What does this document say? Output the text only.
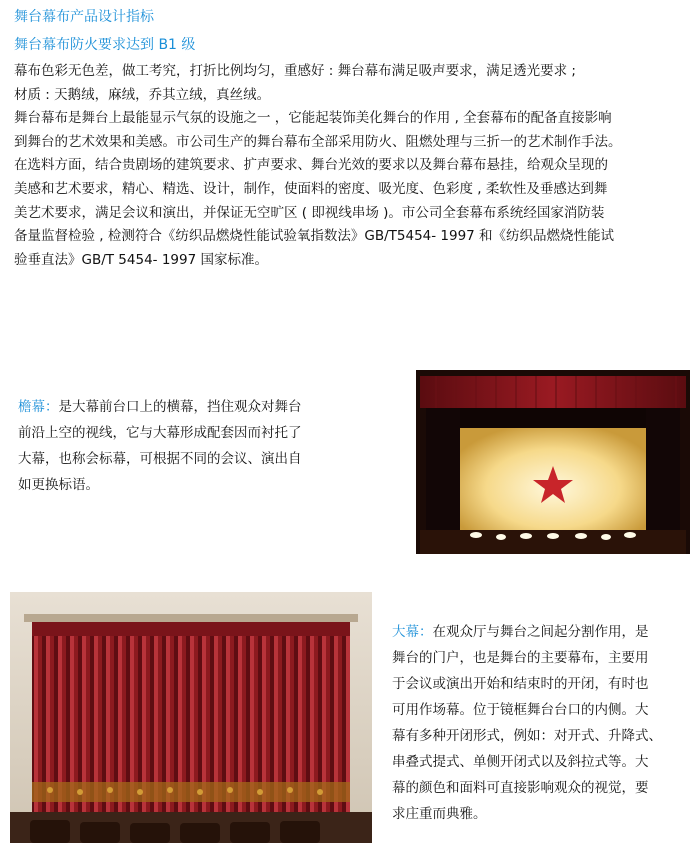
舞台幕布产品设计指标
舞台幕布防火要求达到 B1 级

幕布色彩无色差，做工考究，打折比例均匀，重感好 : 舞台幕布满足吸声要求，满足透光要求 ;

材质 : 天鹅绒，麻绒，乔其立绒，真丝绒。

舞台幕布是舞台上最能显示气氛的设施之一 ，它能起装饰美化舞台的作用 , 全套幕布的配备直接影响

到舞台的艺术效果和美感。市公司生产的舞台幕布全部采用防火、阻燃处理与三折一的艺术制作手法。

在选料方面，结合贵剧场的建筑要求、扩声要求、舞台光效的要求以及舞台幕布悬挂，给观众呈现的

美感和艺术要求，精心、精选、设计，制作，使面料的密度、吸光度、色彩度 , 柔软性及垂感达到舞

美艺术要求，满足会议和演出，并保证无空旷区 ( 即视线串场 )。市公司全套幕布系统经国家消防装

备量监督检验 , 检测符合《纺织品燃烧性能试验氧指数法》GB/T5454- 1997 和《纺织品燃烧性能试

验垂直法》GB/T 5454- 1997 国家标准。

檐幕：是大幕前台口上的横幕，挡住观众对舞台
前沿上空的视线，它与大幕形成配套因而衬托了
大幕，也称会标幕，可根据不同的会议、演出自
如更换标语。
大幕：在观众厅与舞台之间起分割作用，是
舞台的门户，也是舞台的主要幕布，主要用
于会议或演出开始和结束时的开闭，有时也
可用作场幕。位于镜框舞台台口的内侧。大
幕有多种开闭形式，例如：对开式、升降式、
串叠式提式、单侧开闭式以及斜拉式等。大
幕的颜色和面料可直接影响观众的视觉，要
求庄重而典雅。
